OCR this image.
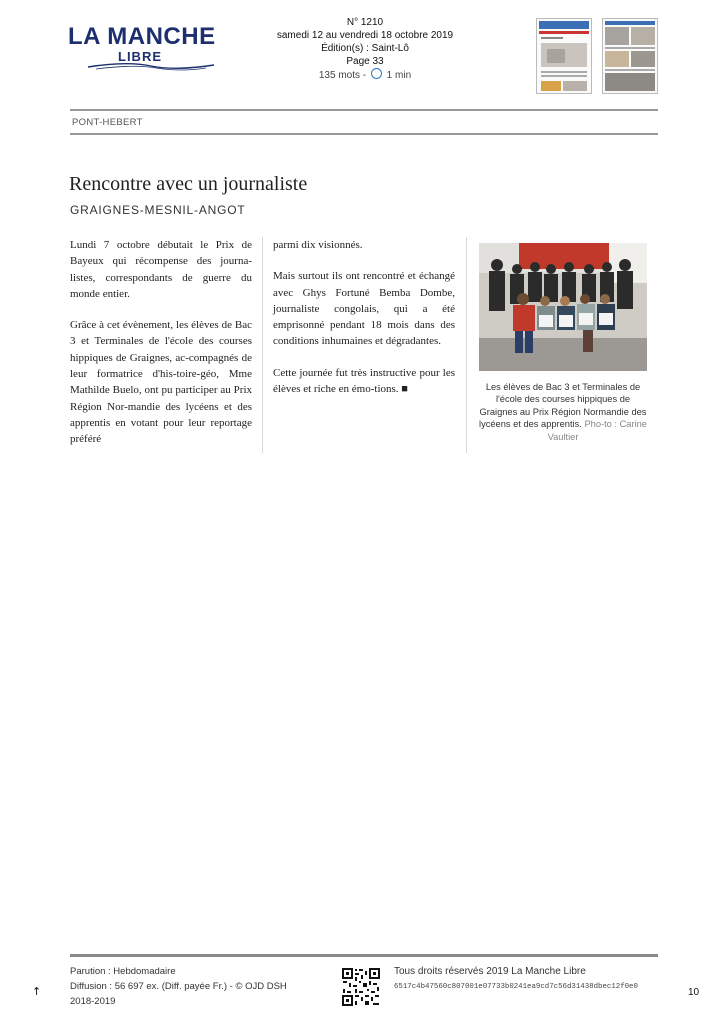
LA MANCHE
LIBRE
N° 1210
samedi 12 au vendredi 18 octobre 2019
Édition(s) : Saint-Lô
Page 33
135 mots - 1 min
PONT-HEBERT
Rencontre avec un journaliste
GRAIGNES-MESNIL-ANGOT

Lundi 7 octobre débutait le Prix de Bayeux qui récompense des journa-listes, correspondants de guerre du monde entier.

Grâce à cet évènement, les élèves de Bac 3 et Terminales de l'école des courses hippiques de Graignes, ac-compagnés de leur formatrice d'his-toire-géo, Mme Mathilde Buelo, ont pu participer au Prix Région Nor-mandie des lycéens et des apprentis en votant pour leur reportage préféré

parmi dix visionnés.

Mais surtout ils ont rencontré et échangé avec Ghys Fortuné Bemba Dombe, journaliste congolais, qui a été emprisonné pendant 18 mois dans des conditions inhumaines et dégradantes.

Cette journée fut très instructive pour les élèves et riche en émo-tions. ■	Les élèves de Bac 3 et Terminales de l'école des courses hippiques de Graignes au Prix Région Normandie des lycéens et des apprentis. Pho-to : Carine Vaultier
↑
Parution : Hebdomadaire
Diffusion : 56 697 ex. (Diff. payée Fr.) - © OJD DSH
2018-2019
Tous droits réservés 2019 La Manche Libre
6517c4b47560c807001e07733b0241ea9cd7c56d31438dbec12f0e0	10
